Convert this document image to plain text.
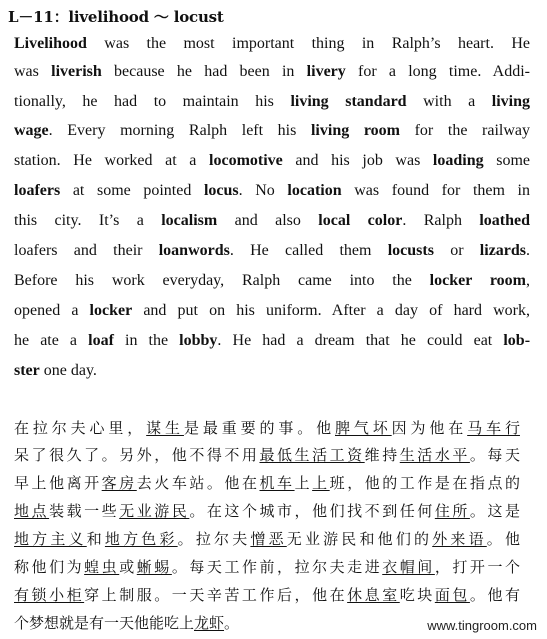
L－11：livelihood ～ locust
Livelihood was the most important thing in Ralph’s heart. He
was liverish because he had been in livery for a long time. Addi-
tionally, he had to maintain his living standard with a living
wage. Every morning Ralph left his living room for the railway
station. He worked at a locomotive and his job was loading some
loafers at some pointed locus. No location was found for them in
this city. It’s a localism and also local color. Ralph loathed
loafers and their loanwords. He called them locusts or lizards.
Before his work everyday, Ralph came into the locker room,
opened a locker and put on his uniform. After a day of hard work,
he ate a loaf in the lobby. He had a dream that he could eat lob-
ster one day.
在拉尔夫心里，谋生是最重要的事。他脾气坏因为他在马车行
呆了很久了。另外，他不得不用最低生活工资维持生活水平。每天
早上他离开客房去火车站。他在机车上上班，他的工作是在指点的
地点装载一些无业游民。在这个城市，他们找不到任何住所。这是
地方主义和地方色彩。拉尔夫憎恶无业游民和他们的外来语。他
称他们为蝗虫或蜥蜴。每天工作前，拉尔夫走进衣帽间，打开一个
有锁小柜穿上制服。一天辛苦工作后，他在休息室吃块面包。他有
个梦想就是有一天他能吃上龙虾。	www.tingroom.com
